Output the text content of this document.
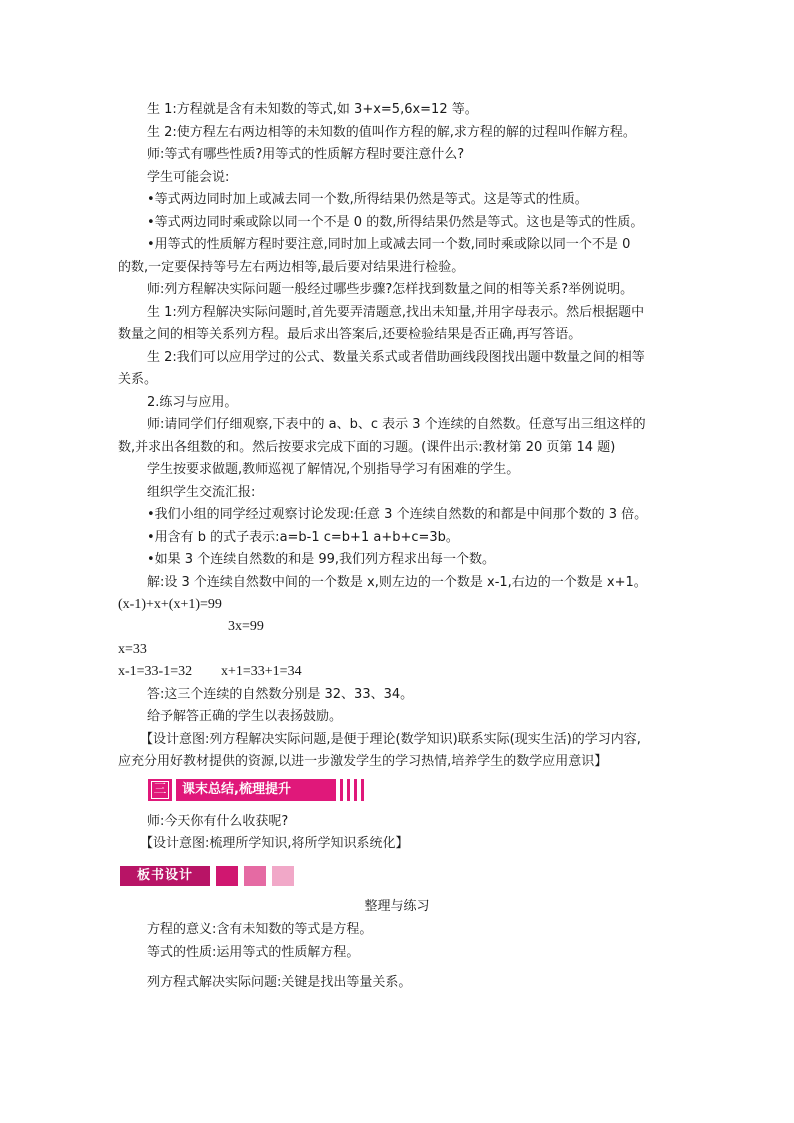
生 1:方程就是含有未知数的等式,如 3+x=5,6x=12 等。
生 2:使方程左右两边相等的未知数的值叫作方程的解,求方程的解的过程叫作解方程。
师:等式有哪些性质?用等式的性质解方程时要注意什么?
学生可能会说:
•等式两边同时加上或减去同一个数,所得结果仍然是等式。这是等式的性质。
•等式两边同时乘或除以同一个不是 0 的数,所得结果仍然是等式。这也是等式的性质。
•用等式的性质解方程时要注意,同时加上或减去同一个数,同时乘或除以同一个不是 0
的数,一定要保持等号左右两边相等,最后要对结果进行检验。
师:列方程解决实际问题一般经过哪些步骤?怎样找到数量之间的相等关系?举例说明。
生 1:列方程解决实际问题时,首先要弄清题意,找出未知量,并用字母表示。然后根据题中
数量之间的相等关系列方程。最后求出答案后,还要检验结果是否正确,再写答语。
生 2:我们可以应用学过的公式、数量关系式或者借助画线段图找出题中数量之间的相等
关系。
2.练习与应用。
师:请同学们仔细观察,下表中的 a、b、c 表示 3 个连续的自然数。任意写出三组这样的
数,并求出各组数的和。然后按要求完成下面的习题。(课件出示:教材第 20 页第 14 题)
学生按要求做题,教师巡视了解情况,个别指导学习有困难的学生。
组织学生交流汇报:
•我们小组的同学经过观察讨论发现:任意 3 个连续自然数的和都是中间那个数的 3 倍。
•用含有 b 的式子表示:a=b-1 c=b+1 a+b+c=3b。
•如果 3 个连续自然数的和是 99,我们列方程求出每一个数。
解:设 3 个连续自然数中间的一个数是 x,则左边的一个数是 x-1,右边的一个数是 x+1。
(x-1)+x+(x+1)=99
3x=99
x=33
x-1=33-1=32 x+1=33+1=34
答:这三个连续的自然数分别是 32、33、34。
给予解答正确的学生以表扬鼓励。
【设计意图:列方程解决实际问题,是便于理论(数学知识)联系实际(现实生活)的学习内容,
应充分用好教材提供的资源,以进一步激发学生的学习热情,培养学生的数学应用意识】
三	课末总结,梳理提升
师:今天你有什么收获呢?
【设计意图:梳理所学知识,将所学知识系统化】
板书设计
整理与练习
方程的意义:含有未知数的等式是方程。
等式的性质:运用等式的性质解方程。
列方程式解决实际问题:关键是找出等量关系。
